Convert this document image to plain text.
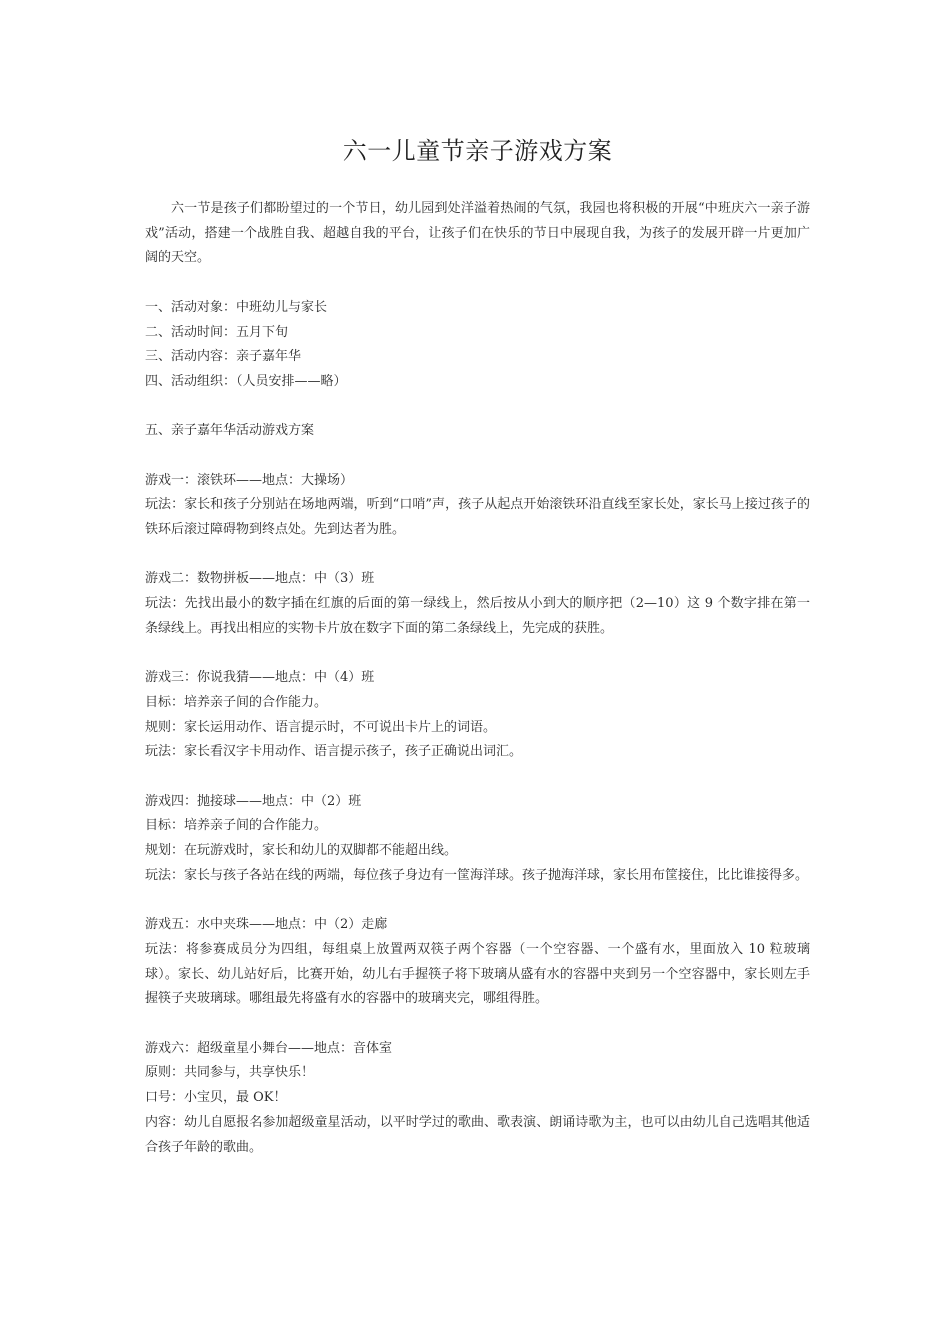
六一儿童节亲子游戏方案

六一节是孩子们都盼望过的一个节日，幼儿园到处洋溢着热闹的气氛，我园也将积极的开展“中班庆六一亲子游戏”活动，搭建一个战胜自我、超越自我的平台，让孩子们在快乐的节日中展现自我，为孩子的发展开辟一片更加广阔的天空。

一、活动对象：中班幼儿与家长

二、活动时间：五月下旬

三、活动内容：亲子嘉年华

四、活动组织：（人员安排——略）

五、亲子嘉年华活动游戏方案

游戏一：滚铁环——地点：大操场）

玩法：家长和孩子分别站在场地两端，听到“口哨”声，孩子从起点开始滚铁环沿直线至家长处，家长马上接过孩子的铁环后滚过障碍物到终点处。先到达者为胜。

游戏二：数物拼板——地点：中（3）班

玩法：先找出最小的数字插在红旗的后面的第一绿线上，然后按从小到大的顺序把（2—10）这 9 个数字排在第一条绿线上。再找出相应的实物卡片放在数字下面的第二条绿线上，先完成的获胜。

游戏三：你说我猜——地点：中（4）班

目标：培养亲子间的合作能力。

规则：家长运用动作、语言提示时，不可说出卡片上的词语。

玩法：家长看汉字卡用动作、语言提示孩子，孩子正确说出词汇。

游戏四：抛接球——地点：中（2）班

目标：培养亲子间的合作能力。

规划：在玩游戏时，家长和幼儿的双脚都不能超出线。

玩法：家长与孩子各站在线的两端，每位孩子身边有一筐海洋球。孩子抛海洋球，家长用布筐接住，比比谁接得多。

游戏五：水中夹珠——地点：中（2）走廊

玩法：将参赛成员分为四组，每组桌上放置两双筷子两个容器（一个空容器、一个盛有水，里面放入 10 粒玻璃球）。家长、幼儿站好后，比赛开始，幼儿右手握筷子将下玻璃从盛有水的容器中夹到另一个空容器中，家长则左手握筷子夹玻璃球。哪组最先将盛有水的容器中的玻璃夹完，哪组得胜。

游戏六：超级童星小舞台——地点：音体室

原则：共同参与，共享快乐！

口号：小宝贝，最 OK！

内容：幼儿自愿报名参加超级童星活动，以平时学过的歌曲、歌表演、朗诵诗歌为主，也可以由幼儿自己选唱其他适合孩子年龄的歌曲。
